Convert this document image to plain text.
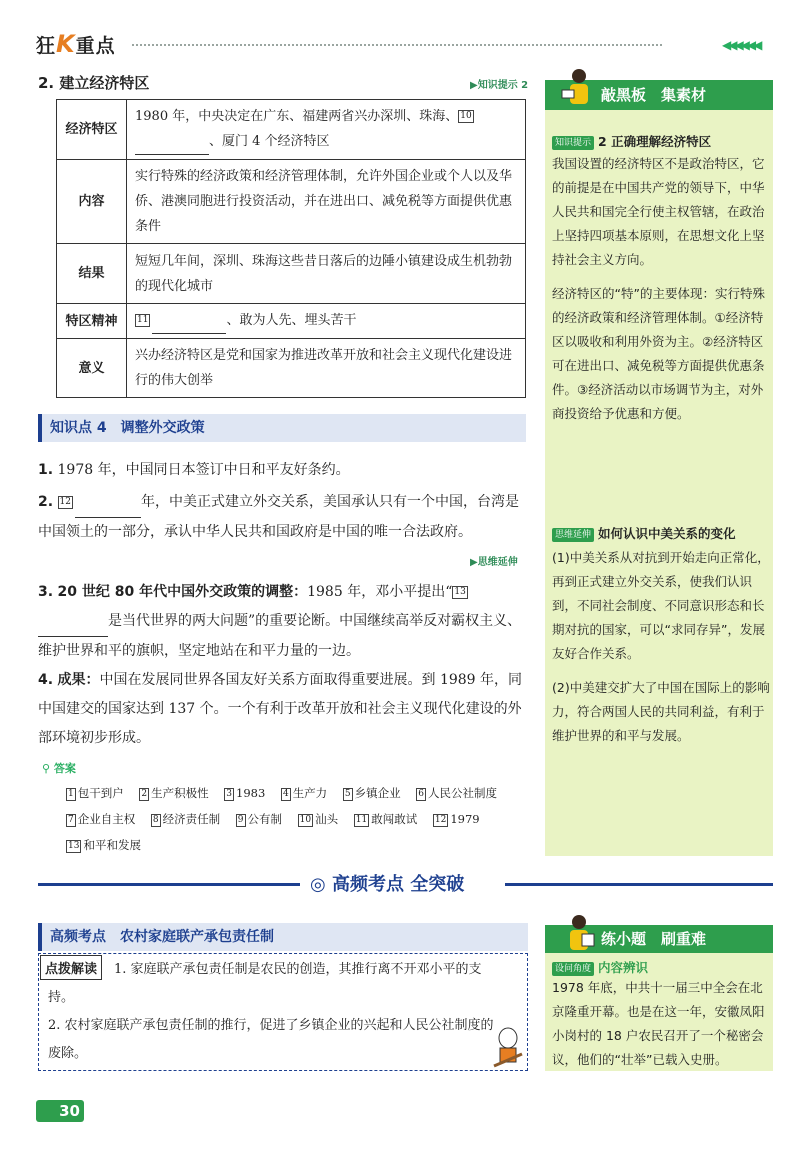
狂K重点	◀◀◀◀◀◀
2. 建立经济特区	▶知识提示 2
经济特区	1980 年，中央决定在广东、福建两省兴办深圳、珠海、 10 、厦门 4 个经济特区
内容	实行特殊的经济政策和经济管理体制，允许外国企业或个人以及华侨、港澳同胞进行投资活动，并在进出口、减免税等方面提供优惠条件
结果	短短几年间，深圳、珠海这些昔日落后的边陲小镇建设成生机勃勃的现代化城市
特区精神	11 、敢为人先、埋头苦干
意义	兴办经济特区是党和国家为推进改革开放和社会主义现代化建设进行的伟大创举
知识点 4　调整外交政策
1. 1978 年，中国同日本签订中日和平友好条约。
2. 12	年，中美正式建立外交关系，美国承认只有一个中国，台湾是中国领土的一部分，承认中华人民共和国政府是中国的唯一合法政府。
▶思维延伸
3. 20 世纪 80 年代中国外交政策的调整：1985 年，邓小平提出“ 13 是当代世界的两大问题”的重要论断。中国继续高举反对霸权主义、维护世界和平的旗帜，坚定地站在和平力量的一边。
4. 成果：中国在发展同世界各国友好关系方面取得重要进展。到 1989 年，同中国建交的国家达到 137 个。一个有利于改革开放和社会主义现代化建设的外部环境初步形成。
⚲ 答案
1 包干到户 2 生产积极性 3 1983 4 生产力 5 乡镇企业 6 人民公社制度 7 企业自主权 8 经济责任制 9 公有制 10 汕头 11 敢闯敢试 12 1979 13 和平和发展
敲黑板　集素材
知识提示 2 正确理解经济特区
我国设置的经济特区不是政治特区，它的前提是在中国共产党的领导下，中华人民共和国完全行使主权管辖，在政治上坚持四项基本原则，在思想文化上坚持社会主义方向。
经济特区的“特”的主要体现：实行特殊的经济政策和经济管理体制。①经济特区以吸收和利用外资为主。②经济特区可在进出口、减免税等方面提供优惠条件。③经济活动以市场调节为主，对外商投资给予优惠和方便。
思维延伸 如何认识中美关系的变化
(1)中美关系从对抗到开始走向正常化，再到正式建立外交关系，使我们认识到，不同社会制度、不同意识形态和长期对抗的国家，可以“求同存异”，发展友好合作关系。
(2)中美建交扩大了中国在国际上的影响力，符合两国人民的共同利益，有利于维护世界的和平与发展。
◎ 高频考点 全突破
高频考点　农村家庭联产承包责任制
1. 家庭联产承包责任制是农民的创造，其推行离不开邓小平的支持。
2. 农村家庭联产承包责任制的推行，促进了乡镇企业的兴起和人民公社制度的废除。
点拨解读
练小题　刷重难
设问角度 内容辨识
1978 年底，中共十一届三中全会在北京隆重开幕。也是在这一年，安徽凤阳小岗村的 18 户农民召开了一个秘密会议，他们的“壮举”已载入史册。
30
